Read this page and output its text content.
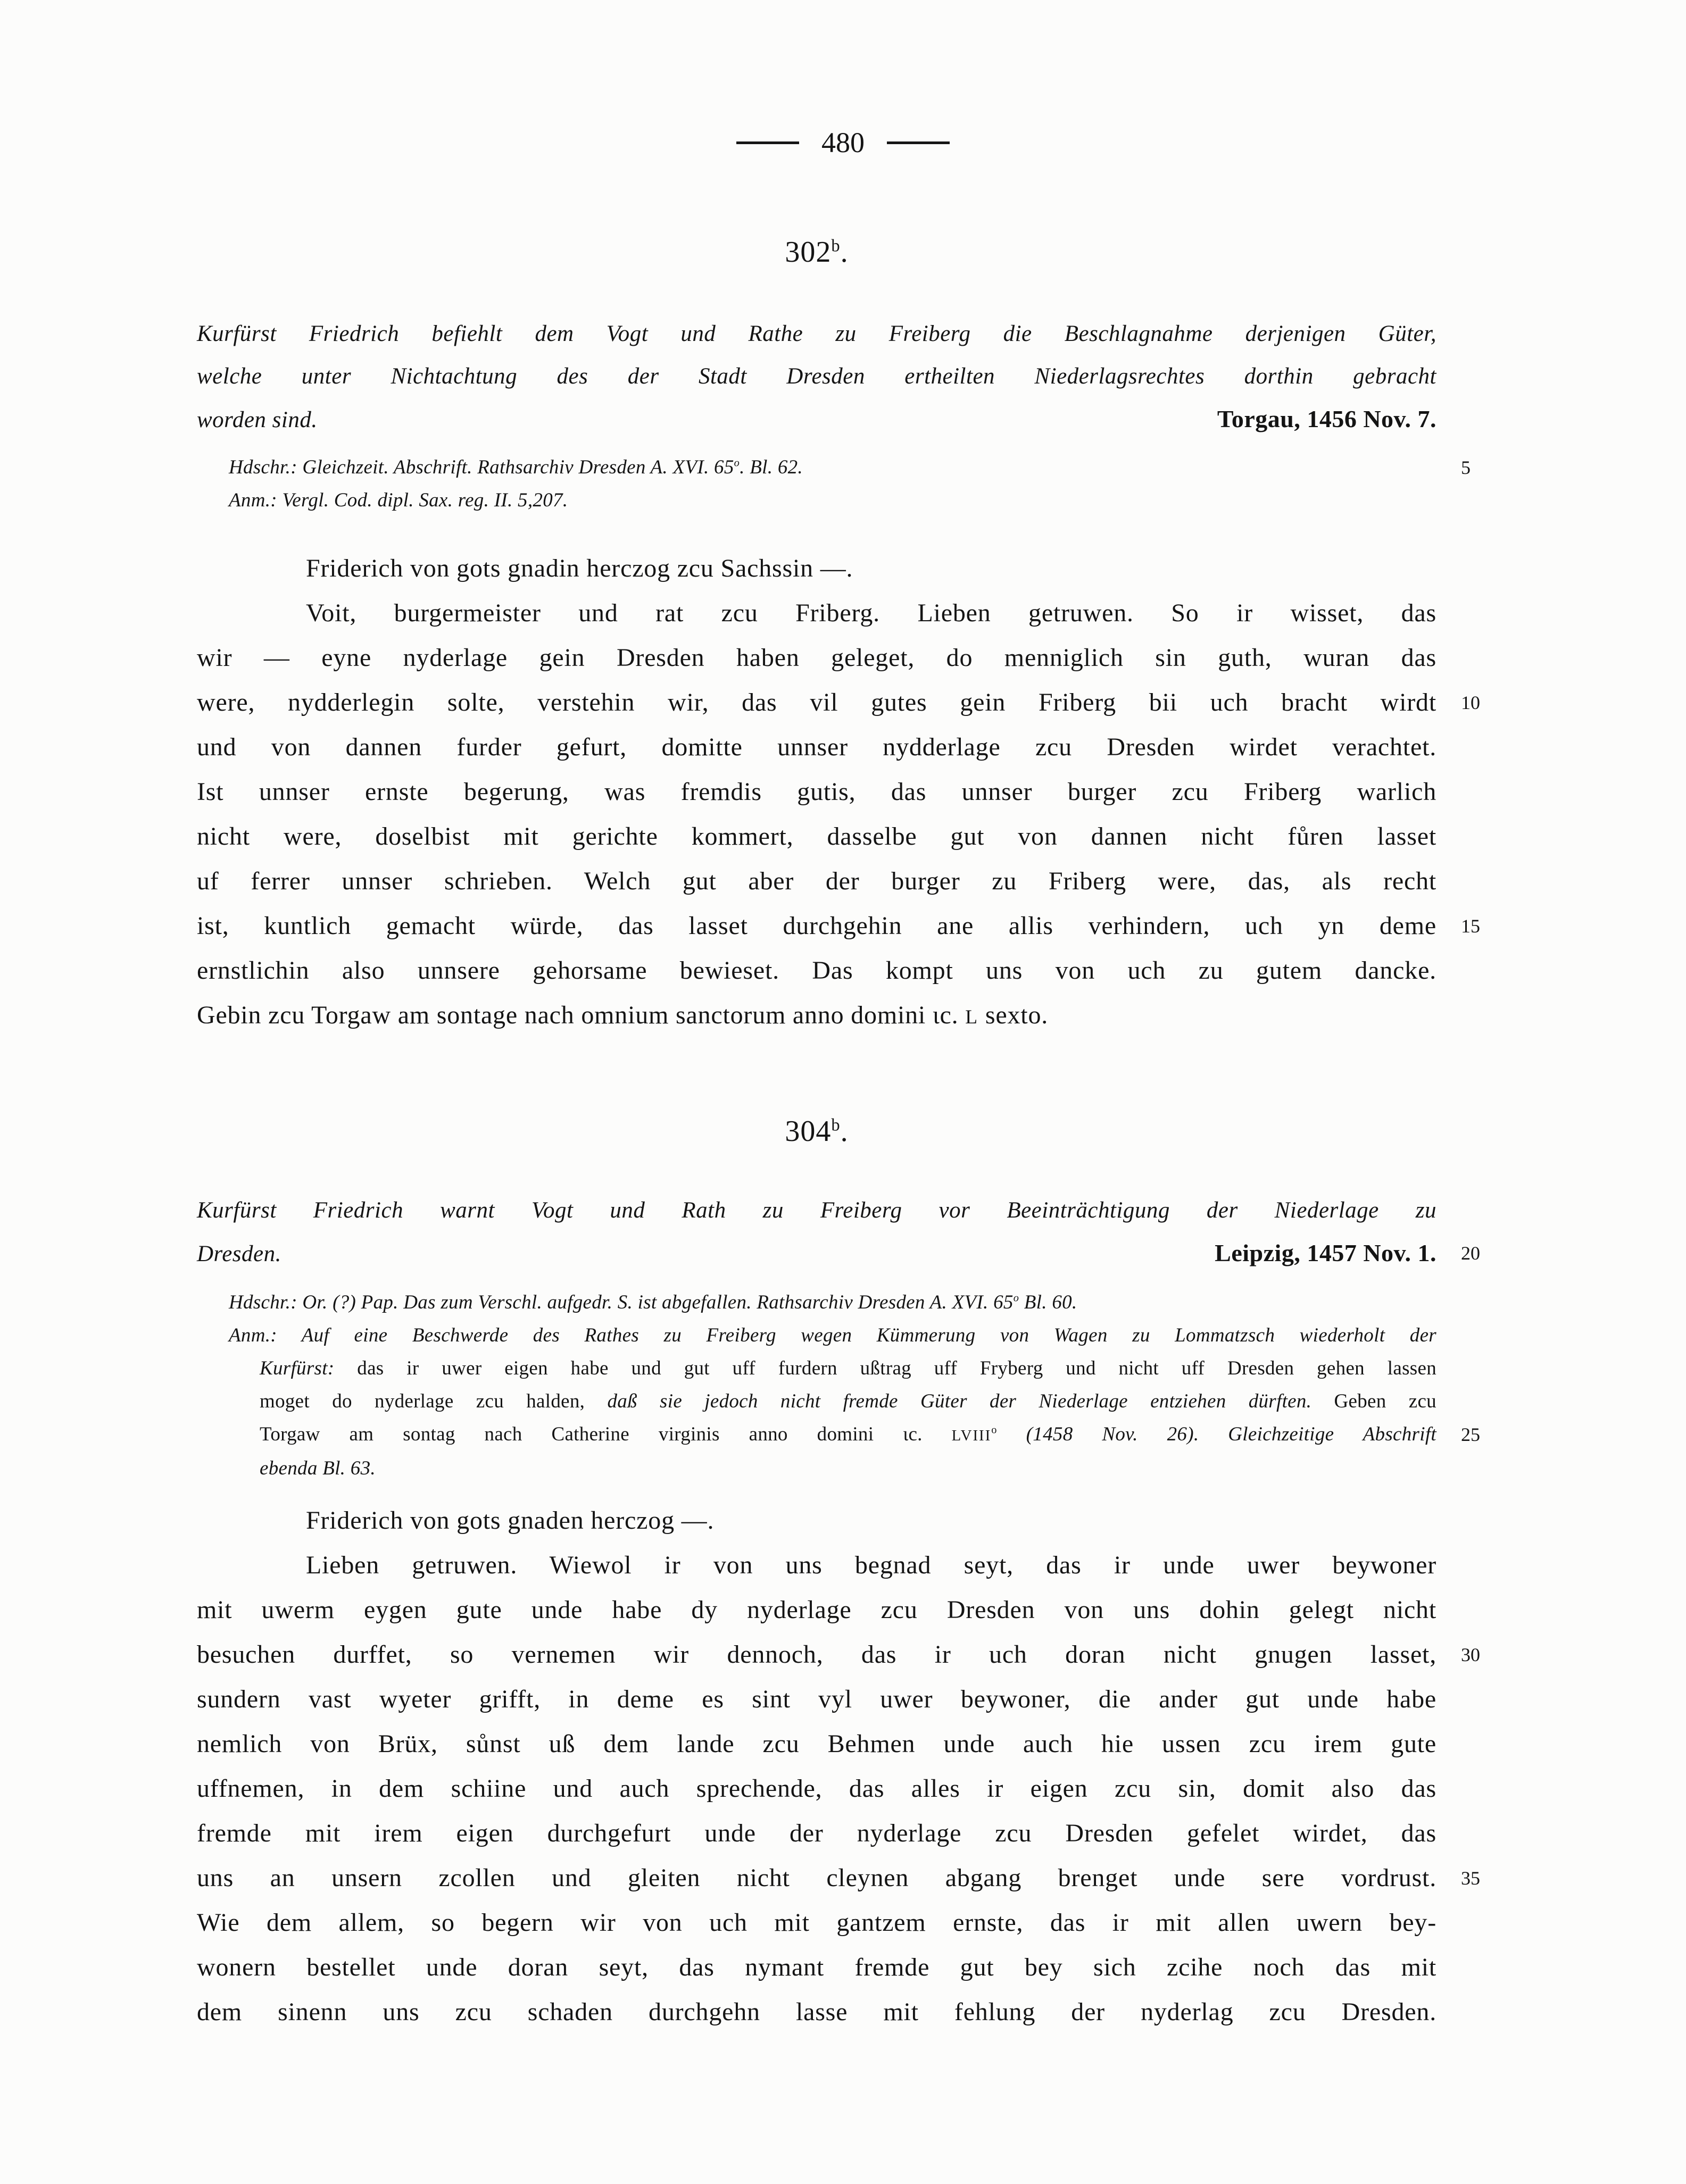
480
302$^b$.
Kurfürst Friedrich befiehlt dem Vogt und Rathe zu Freiberg die Beschlagnahme derjenigen Güter,
welche unter Nichtachtung des der Stadt Dresden ertheilten Niederlagsrechtes dorthin gebracht
worden sind.	Torgau, 1456 Nov. 7.
Hdschr.: Gleichzeit. Abschrift. Rathsarchiv Dresden A. XVI. 65$^o$. Bl. 62.	5
Anm.: Vergl. Cod. dipl. Sax. reg. II. 5,207.
Friderich von gots gnadin herczog zcu Sachssin —.
Voit, burgermeister und rat zcu Friberg. Lieben getruwen. So ir wisset, das
wir — eyne nyderlage gein Dresden haben geleget, do menniglich sin guth, wuran das
were, nydderlegin solte, verstehin wir, das vil gutes gein Friberg bii uch bracht wirdt 10
und von dannen furder gefurt, domitte unnser nydderlage zcu Dresden wirdet verachtet.
Ist unnser ernste begerung, was fremdis gutis, das unnser burger zcu Friberg warlich
nicht were, doselbist mit gerichte kommert, dasselbe gut von dannen nicht fůren lasset
uf ferrer unnser schrieben. Welch gut aber der burger zu Friberg were, das, als recht
ist, kuntlich gemacht würde, das lasset durchgehin ane allis verhindern, uch yn deme 15
ernstlichin also unnsere gehorsame bewieset. Das kompt uns von uch zu gutem dancke.
Gebin zcu Torgaw am sontage nach omnium sanctorum anno domini ɩc. L sexto.
304$^b$.
Kurfürst Friedrich warnt Vogt und Rath zu Freiberg vor Beeinträchtigung der Niederlage zu
Dresden.	Leipzig, 1457 Nov. 1. 20
Hdschr.: Or. (?) Pap. Das zum Verschl. aufgedr. S. ist abgefallen. Rathsarchiv Dresden A. XVI. 65$^o$ Bl. 60.
Anm.: Auf eine Beschwerde des Rathes zu Freiberg wegen Kümmerung von Wagen zu Lommatzsch wiederholt der
Kurfürst: das ir uwer eigen habe und gut uff furdern ußtrag uff Fryberg und nicht uff Dresden gehen lassen
moget do nyderlage zcu halden, daß sie jedoch nicht fremde Güter der Niederlage entziehen dürften. Geben zcu
Torgaw am sontag nach Catherine virginis anno domini ɩc. LVIII$^o$ (1458 Nov. 26). Gleichzeitige Abschrift 25
ebenda Bl. 63.
Friderich von gots gnaden herczog —.
Lieben getruwen. Wiewol ir von uns begnad seyt, das ir unde uwer beywoner
mit uwerm eygen gute unde habe dy nyderlage zcu Dresden von uns dohin gelegt nicht
besuchen durffet, so vernemen wir dennoch, das ir uch doran nicht gnugen lasset, 30
sundern vast wyeter grifft, in deme es sint vyl uwer beywoner, die ander gut unde habe
nemlich von Brüx, sůnst uß dem lande zcu Behmen unde auch hie ussen zcu irem gute
uffnemen, in dem schiine und auch sprechende, das alles ir eigen zcu sin, domit also das
fremde mit irem eigen durchgefurt unde der nyderlage zcu Dresden gefelet wirdet, das
uns an unsern zcollen und gleiten nicht cleynen abgang brenget unde sere vordrust. 35
Wie dem allem, so begern wir von uch mit gantzem ernste, das ir mit allen uwern bey-
wonern bestellet unde doran seyt, das nymant fremde gut bey sich zcihe noch das mit
dem sinenn uns zcu schaden durchgehn lasse mit fehlung der nyderlag zcu Dresden.
